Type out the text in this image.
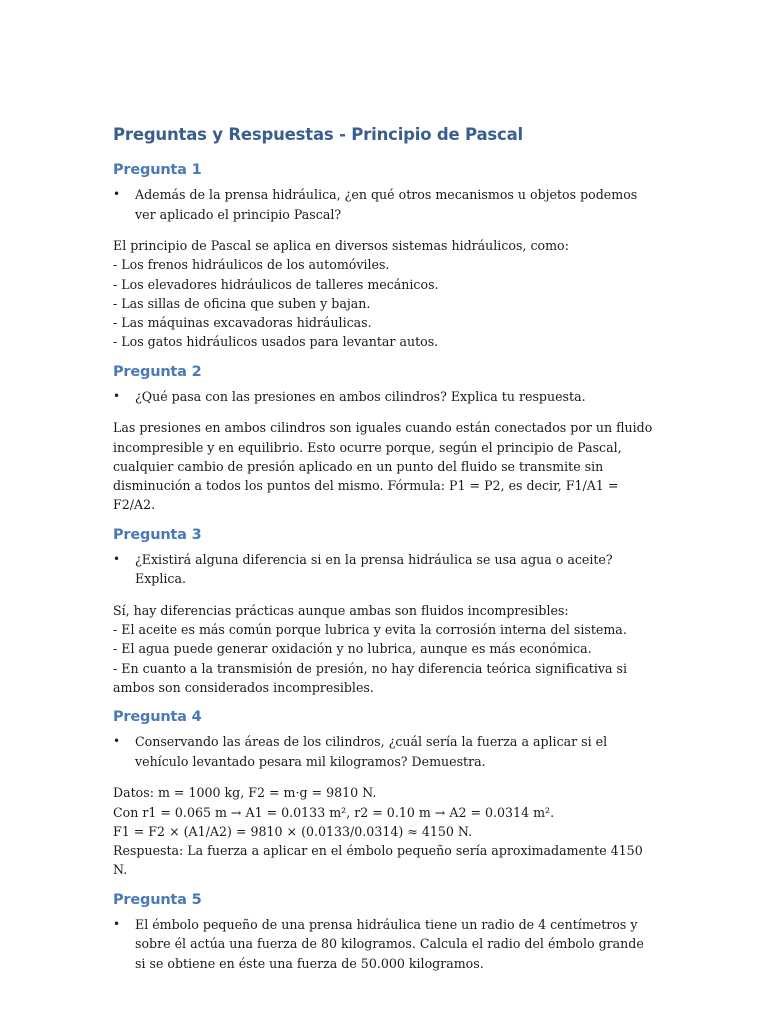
Preguntas y Respuestas - Principio de Pascal
Pregunta 1
•	Además de la prensa hidráulica, ¿en qué otros mecanismos u objetos podemos ver aplicado el principio Pascal?

El principio de Pascal se aplica en diversos sistemas hidráulicos, como:
- Los frenos hidráulicos de los automóviles.
- Los elevadores hidráulicos de talleres mecánicos.
- Las sillas de oficina que suben y bajan.
- Las máquinas excavadoras hidráulicas.
- Los gatos hidráulicos usados para levantar autos.

Pregunta 2
•	¿Qué pasa con las presiones en ambos cilindros? Explica tu respuesta.

Las presiones en ambos cilindros son iguales cuando están conectados por un fluido incompresible y en equilibrio. Esto ocurre porque, según el principio de Pascal, cualquier cambio de presión aplicado en un punto del fluido se transmite sin disminución a todos los puntos del mismo. Fórmula: P1 = P2, es decir, F1/A1 = F2/A2.

Pregunta 3
•	¿Existirá alguna diferencia si en la prensa hidráulica se usa agua o aceite? Explica.

Sí, hay diferencias prácticas aunque ambas son fluidos incompresibles:
- El aceite es más común porque lubrica y evita la corrosión interna del sistema.
- El agua puede generar oxidación y no lubrica, aunque es más económica.
- En cuanto a la transmisión de presión, no hay diferencia teórica significativa si ambos son considerados incompresibles.

Pregunta 4
•	Conservando las áreas de los cilindros, ¿cuál sería la fuerza a aplicar si el vehículo levantado pesara mil kilogramos? Demuestra.

Datos: m = 1000 kg, F2 = m·g = 9810 N.
Con r1 = 0.065 m → A1 = 0.0133 m², r2 = 0.10 m → A2 = 0.0314 m².
F1 = F2 × (A1/A2) = 9810 × (0.0133/0.0314) ≈ 4150 N.
Respuesta: La fuerza a aplicar en el émbolo pequeño sería aproximadamente 4150 N.

Pregunta 5
•	El émbolo pequeño de una prensa hidráulica tiene un radio de 4 centímetros y sobre él actúa una fuerza de 80 kilogramos. Calcula el radio del émbolo grande si se obtiene en éste una fuerza de 50.000 kilogramos.
